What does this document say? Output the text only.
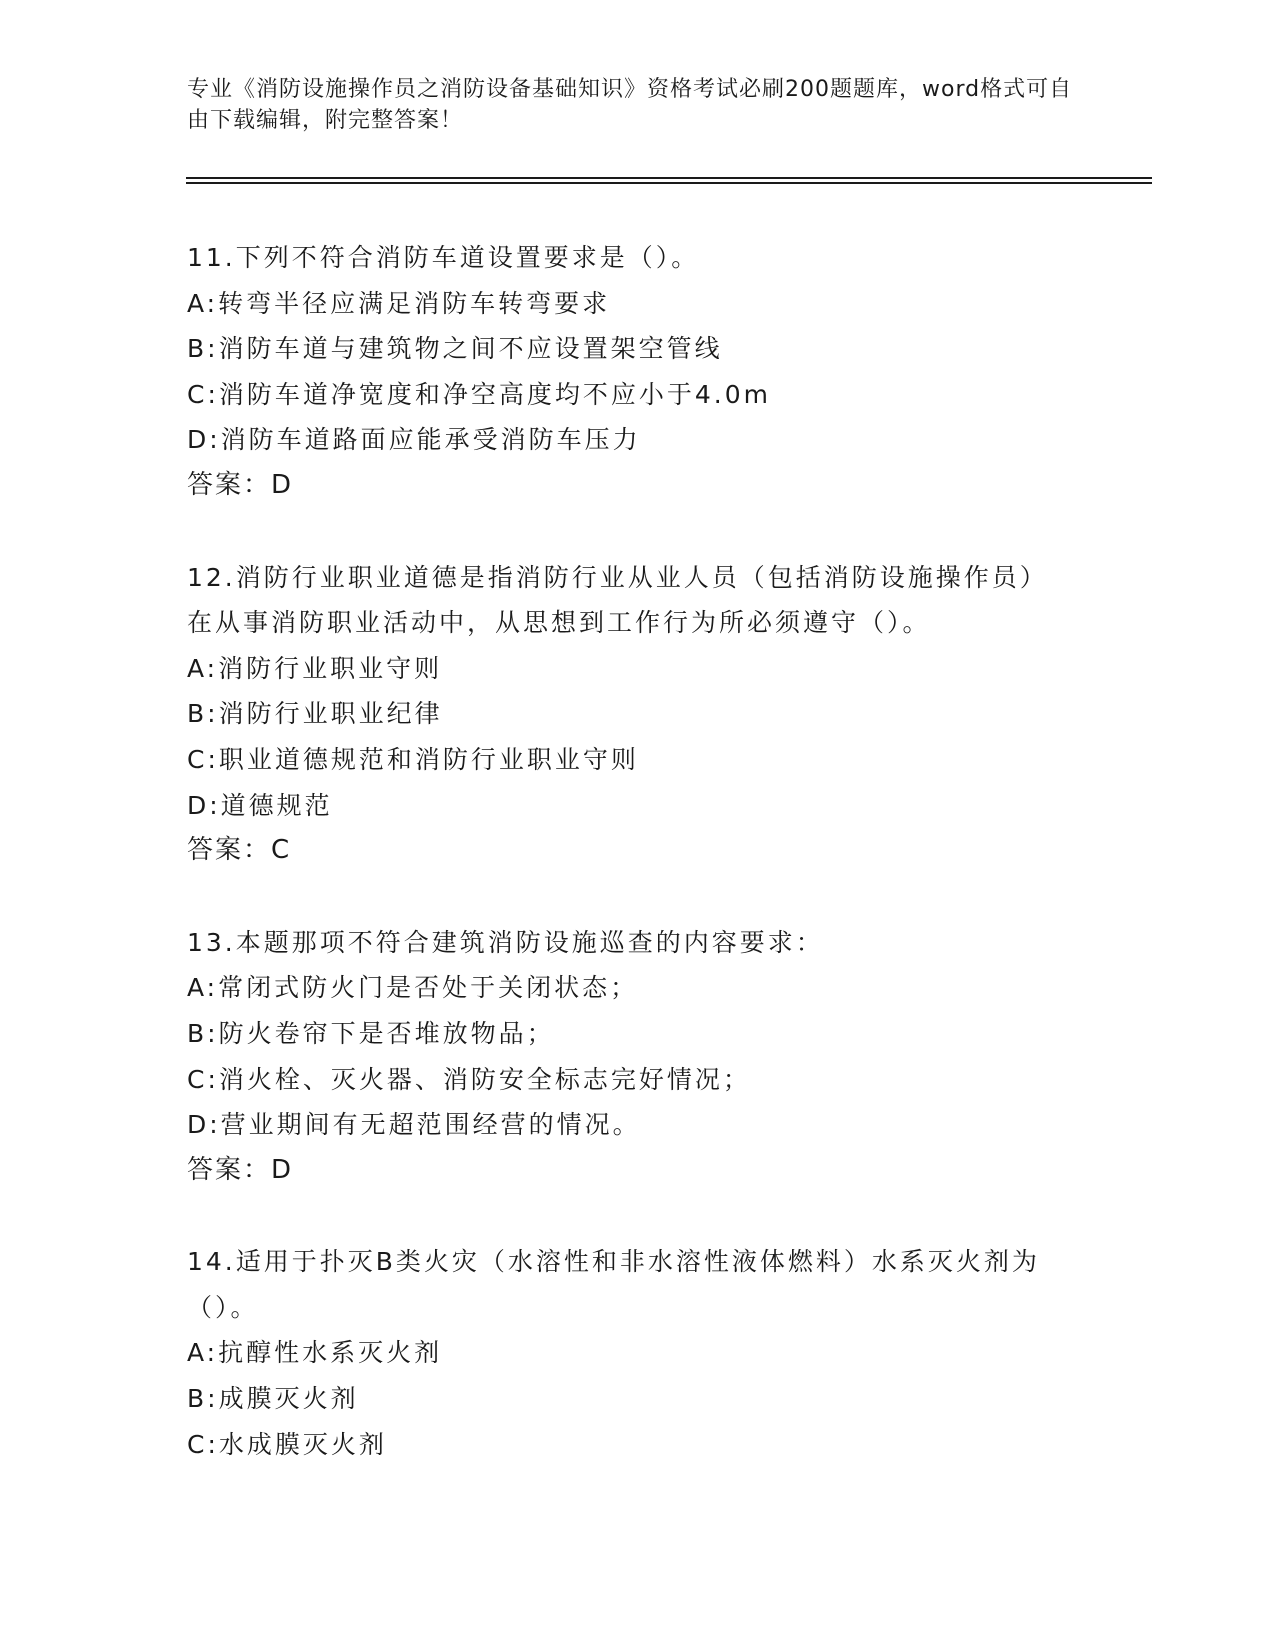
专业《消防设施操作员之消防设备基础知识》资格考试必刷200题题库，word格式可自由下载编辑，附完整答案！
11.下列不符合消防车道设置要求是（）。
A:转弯半径应满足消防车转弯要求
B:消防车道与建筑物之间不应设置架空管线
C:消防车道净宽度和净空高度均不应小于4.0m
D:消防车道路面应能承受消防车压力
答案：D
12.消防行业职业道德是指消防行业从业人员（包括消防设施操作员）
在从事消防职业活动中，从思想到工作行为所必须遵守（）。
A:消防行业职业守则
B:消防行业职业纪律
C:职业道德规范和消防行业职业守则
D:道德规范
答案：C
13.本题那项不符合建筑消防设施巡查的内容要求：
A:常闭式防火门是否处于关闭状态；
B:防火卷帘下是否堆放物品；
C:消火栓、灭火器、消防安全标志完好情况；
D:营业期间有无超范围经营的情况。
答案：D
14.适用于扑灭B类火灾（水溶性和非水溶性液体燃料）水系灭火剂为
（）。
A:抗醇性水系灭火剂
B:成膜灭火剂
C:水成膜灭火剂
